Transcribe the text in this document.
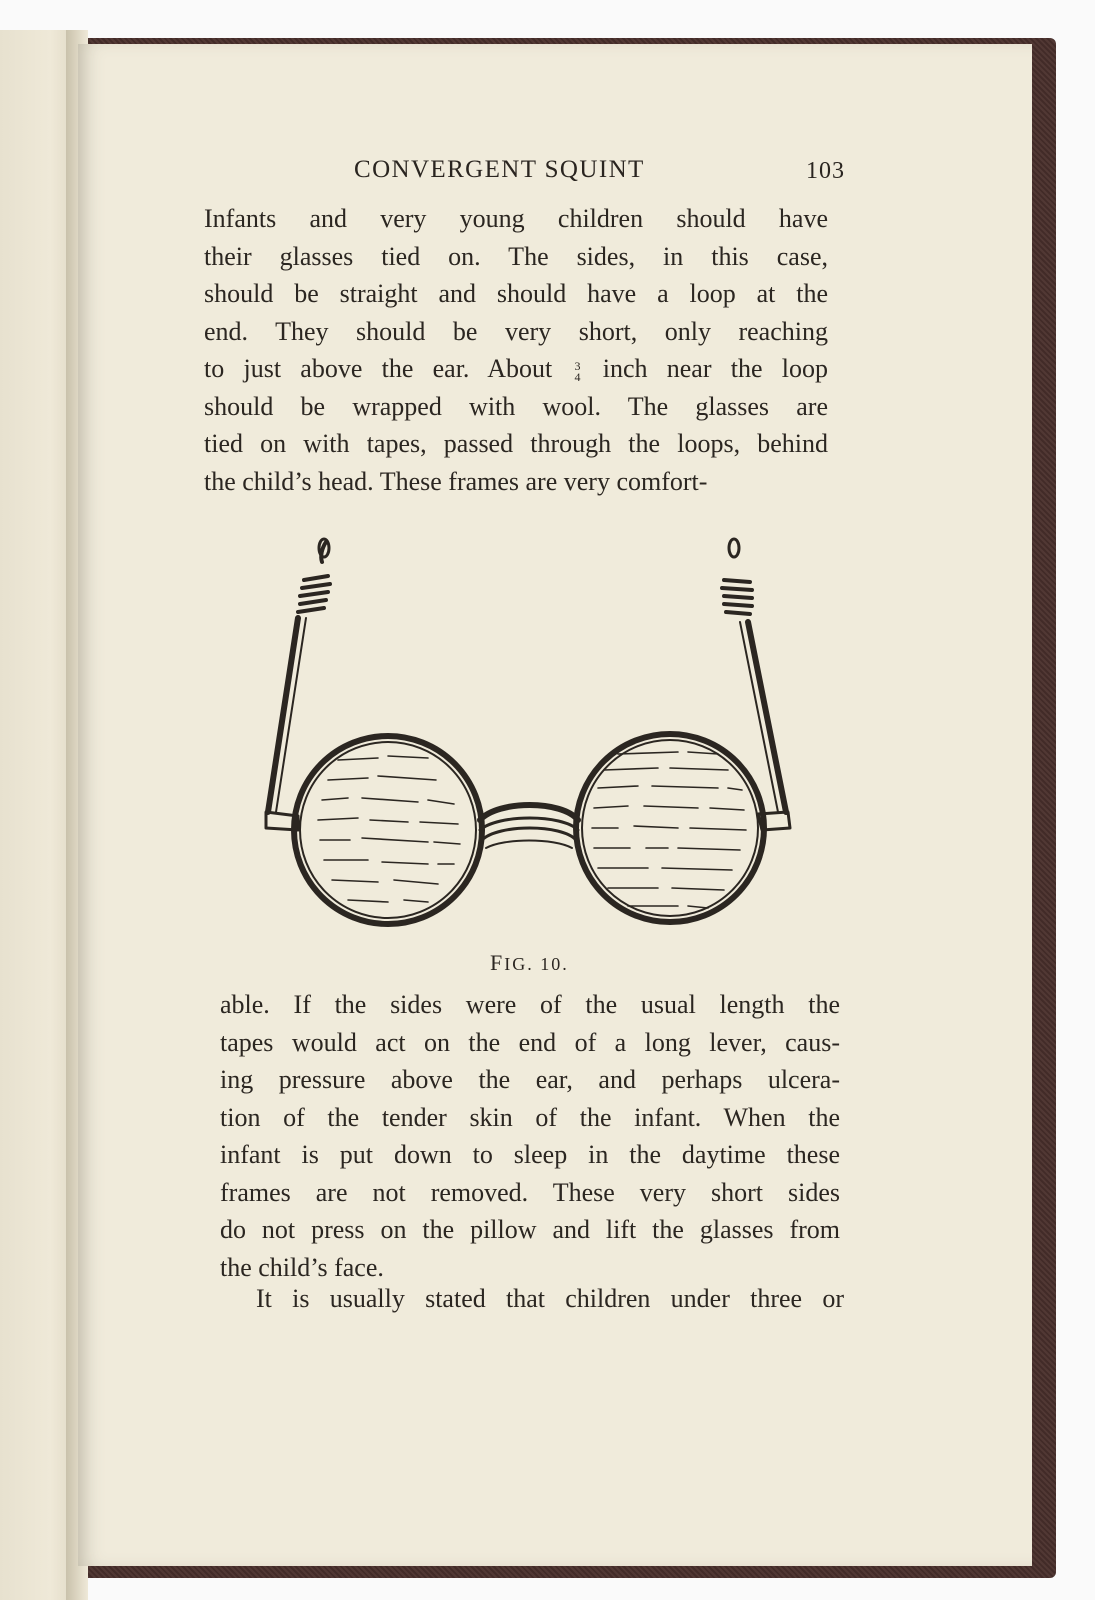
CONVERGENT SQUINT	103
Infants and very young children should have
their glasses tied on. The sides, in this case,
should be straight and should have a loop at the
end. They should be very short, only reaching
to just above the ear. About 3
4 inch near the loop
should be wrapped with wool. The glasses are
tied on with tapes, passed through the loops, behind
the child’s head. These frames are very comfort-
FIG. 10.
able. If the sides were of the usual length the
tapes would act on the end of a long lever, caus-
ing pressure above the ear, and perhaps ulcera-
tion of the tender skin of the infant. When the
infant is put down to sleep in the daytime these
frames are not removed. These very short sides
do not press on the pillow and lift the glasses from
the child’s face.
It is usually stated that children under three or
